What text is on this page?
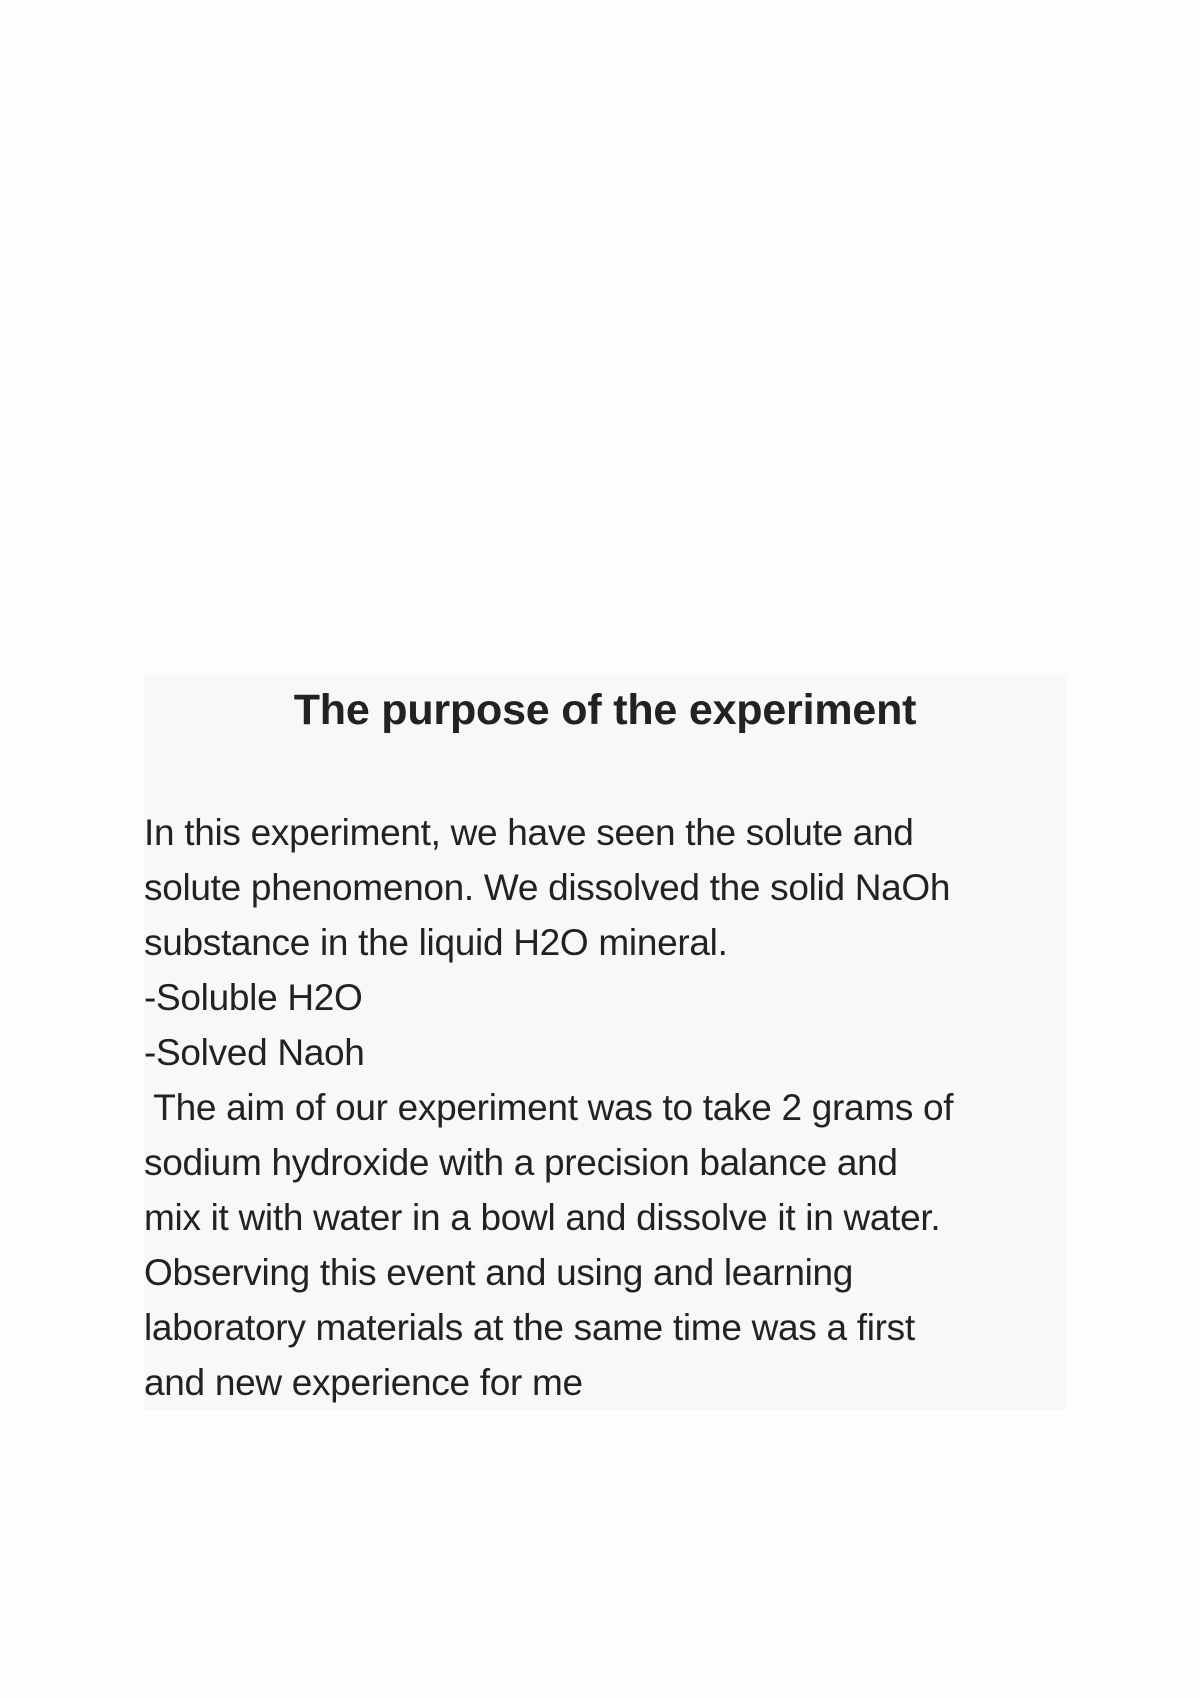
The purpose of the experiment
In this experiment, we have seen the solute and
solute phenomenon. We dissolved the solid NaOh
substance in the liquid H2O mineral.
-Soluble H2O
-Solved Naoh
The aim of our experiment was to take 2 grams of
sodium hydroxide with a precision balance and
mix it with water in a bowl and dissolve it in water.
Observing this event and using and learning
laboratory materials at the same time was a first
and new experience for me
